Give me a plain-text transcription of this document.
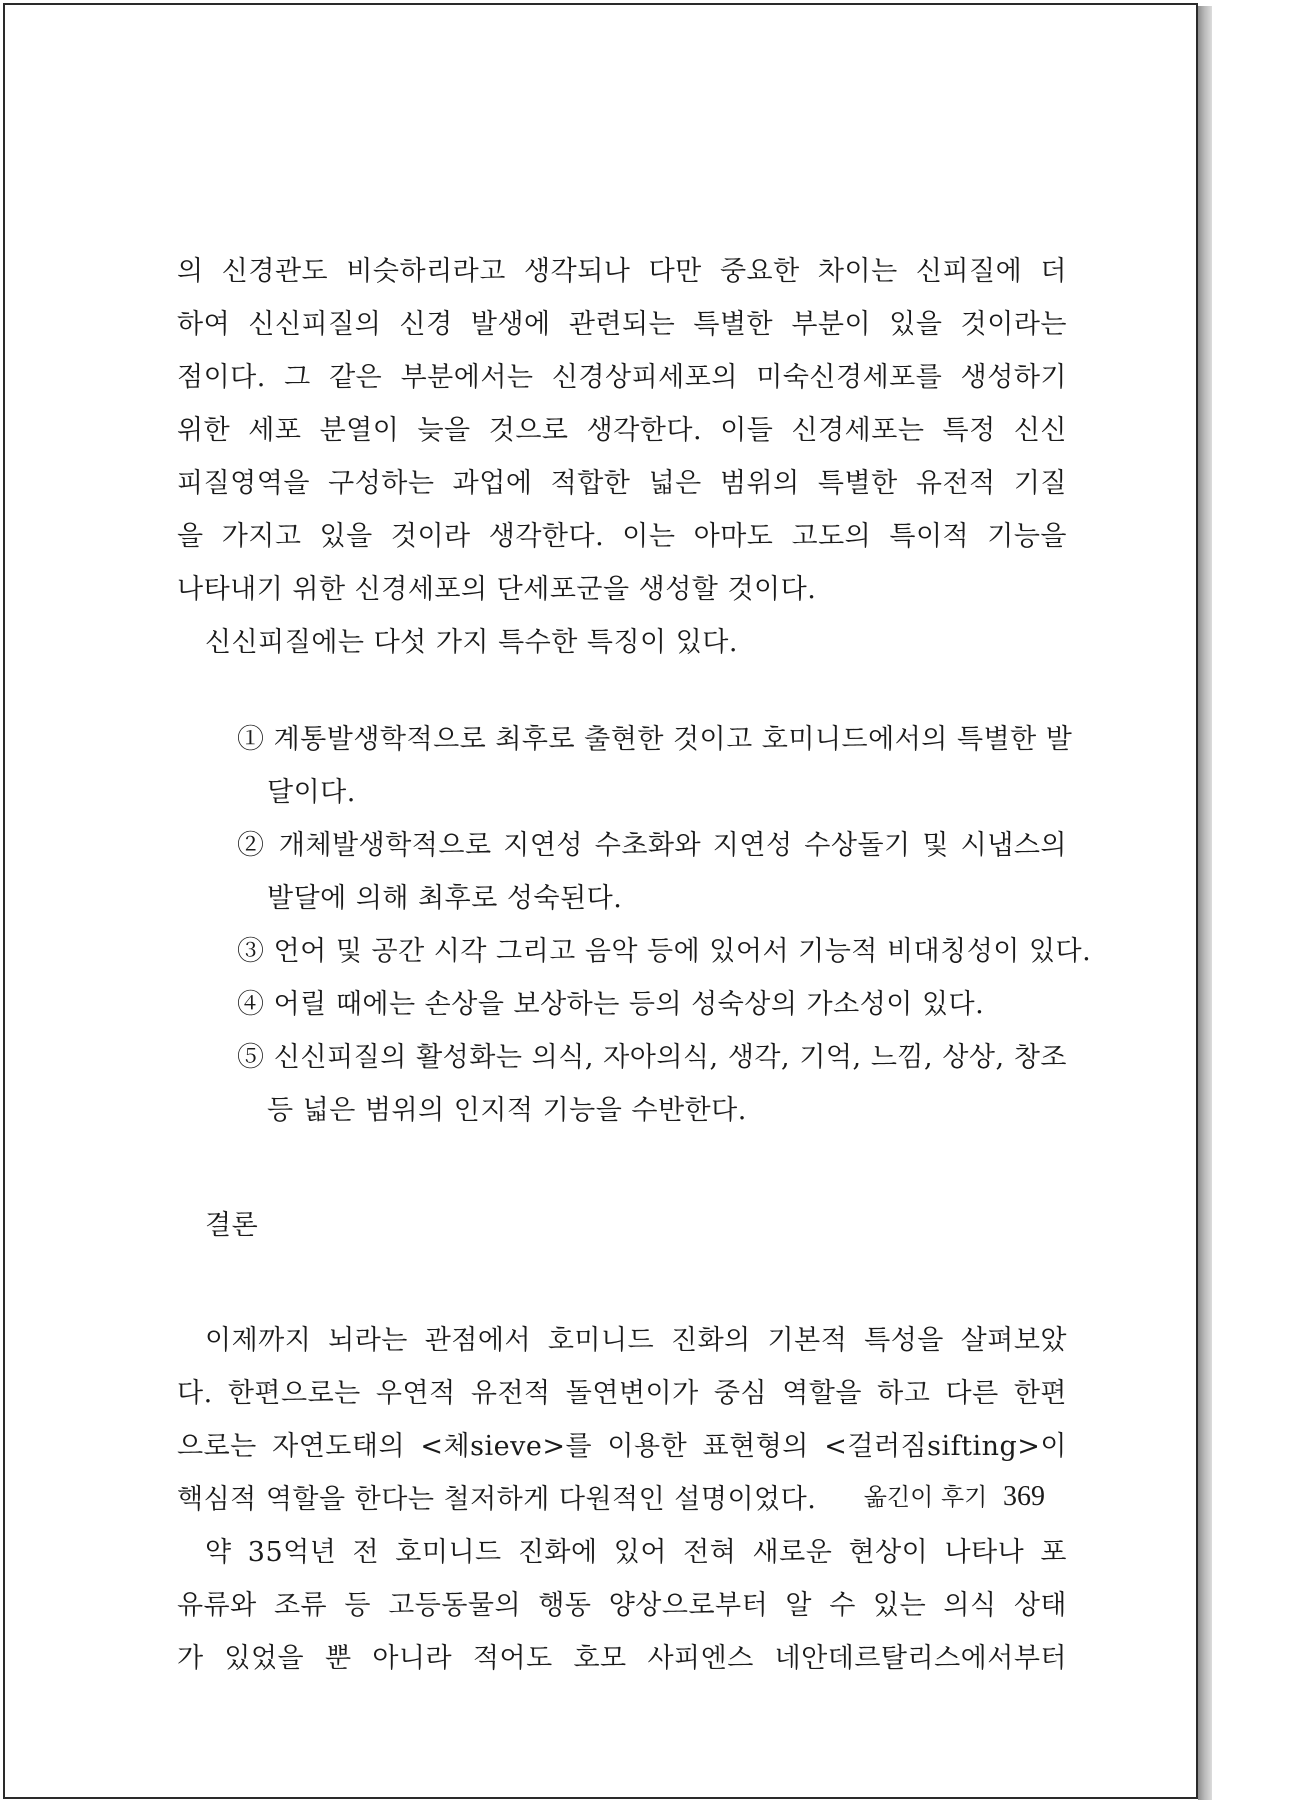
의 신경관도 비슷하리라고 생각되나 다만 중요한 차이는 신피질에 더
하여 신신피질의 신경 발생에 관련되는 특별한 부분이 있을 것이라는
점이다. 그 같은 부분에서는 신경상피세포의 미숙신경세포를 생성하기
위한 세포 분열이 늦을 것으로 생각한다. 이들 신경세포는 특정 신신
피질영역을 구성하는 과업에 적합한 넓은 범위의 특별한 유전적 기질
을 가지고 있을 것이라 생각한다. 이는 아마도 고도의 특이적 기능을
나타내기 위한 신경세포의 단세포군을 생성할 것이다.
신신피질에는 다섯 가지 특수한 특징이 있다.
① 계통발생학적으로 최후로 출현한 것이고 호미니드에서의 특별한 발
달이다.
② 개체발생학적으로 지연성 수초화와 지연성 수상돌기 및 시냅스의
발달에 의해 최후로 성숙된다.
③ 언어 및 공간 시각 그리고 음악 등에 있어서 기능적 비대칭성이 있다.
④ 어릴 때에는 손상을 보상하는 등의 성숙상의 가소성이 있다.
⑤ 신신피질의 활성화는 의식, 자아의식, 생각, 기억, 느낌, 상상, 창조
등 넓은 범위의 인지적 기능을 수반한다.
결론
이제까지 뇌라는 관점에서 호미니드 진화의 기본적 특성을 살펴보았
다. 한편으로는 우연적 유전적 돌연변이가 중심 역할을 하고 다른 한편
으로는 자연도태의 <체sieve>를 이용한 표현형의 <걸러짐sifting>이
핵심적 역할을 한다는 철저하게 다원적인 설명이었다.
약 35억년 전 호미니드 진화에 있어 전혀 새로운 현상이 나타나 포
유류와 조류 등 고등동물의 행동 양상으로부터 알 수 있는 의식 상태
가 있었을 뿐 아니라 적어도 호모 사피엔스 네안데르탈리스에서부터
옮긴이 후기 369
